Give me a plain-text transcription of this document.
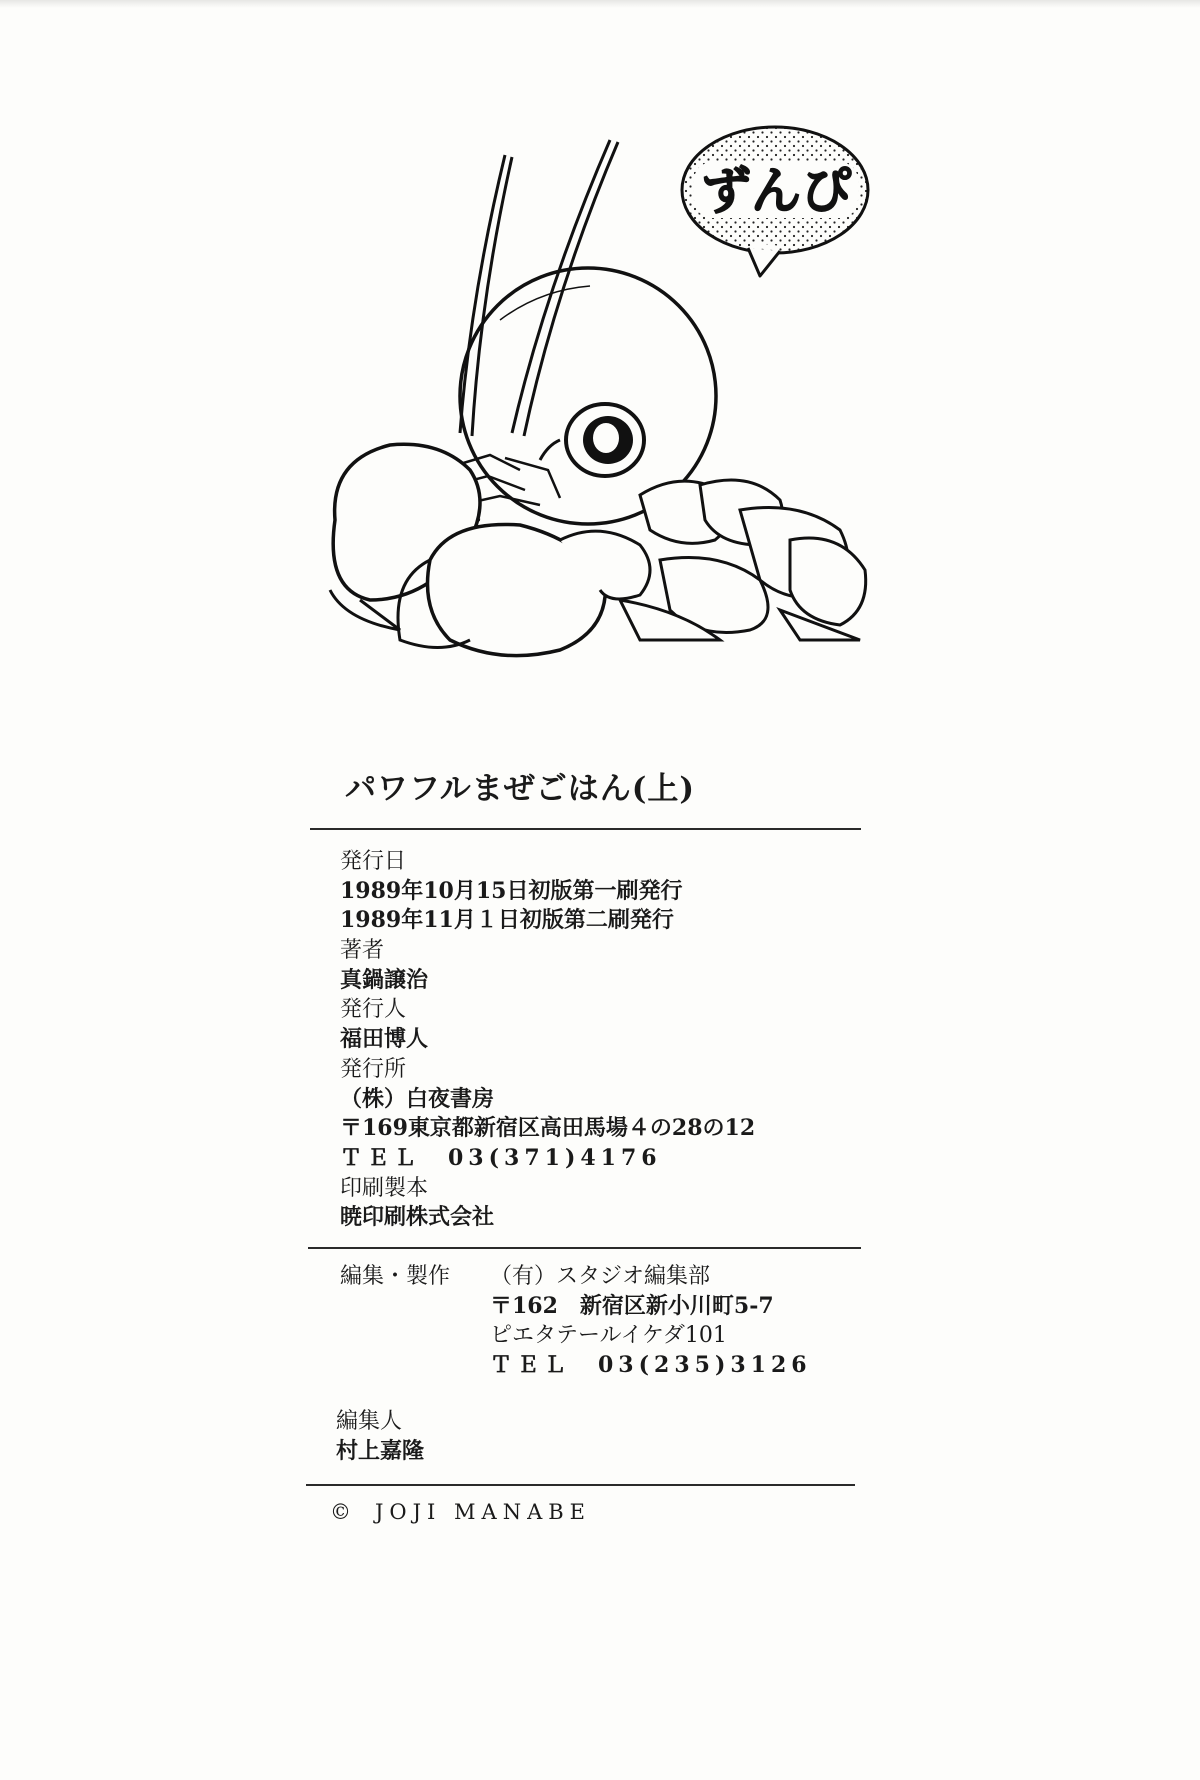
ずんぴ
パワフルまぜごはん(上)
発行日
1989年10月15日初版第一刷発行
1989年11月１日初版第二刷発行
著者
真鍋譲治
発行人
福田博人
発行所
（株）白夜書房
〒169東京都新宿区高田馬場４の28の12
ＴＥＬ　03(371)4176
印刷製本
暁印刷株式会社
編集・製作 （有）スタジオ編集部
〒162　新宿区新小川町5-7
ピエタテールイケダ101
ＴＥＬ　03(235)3126
編集人
村上嘉隆
© JOJI MANABE
